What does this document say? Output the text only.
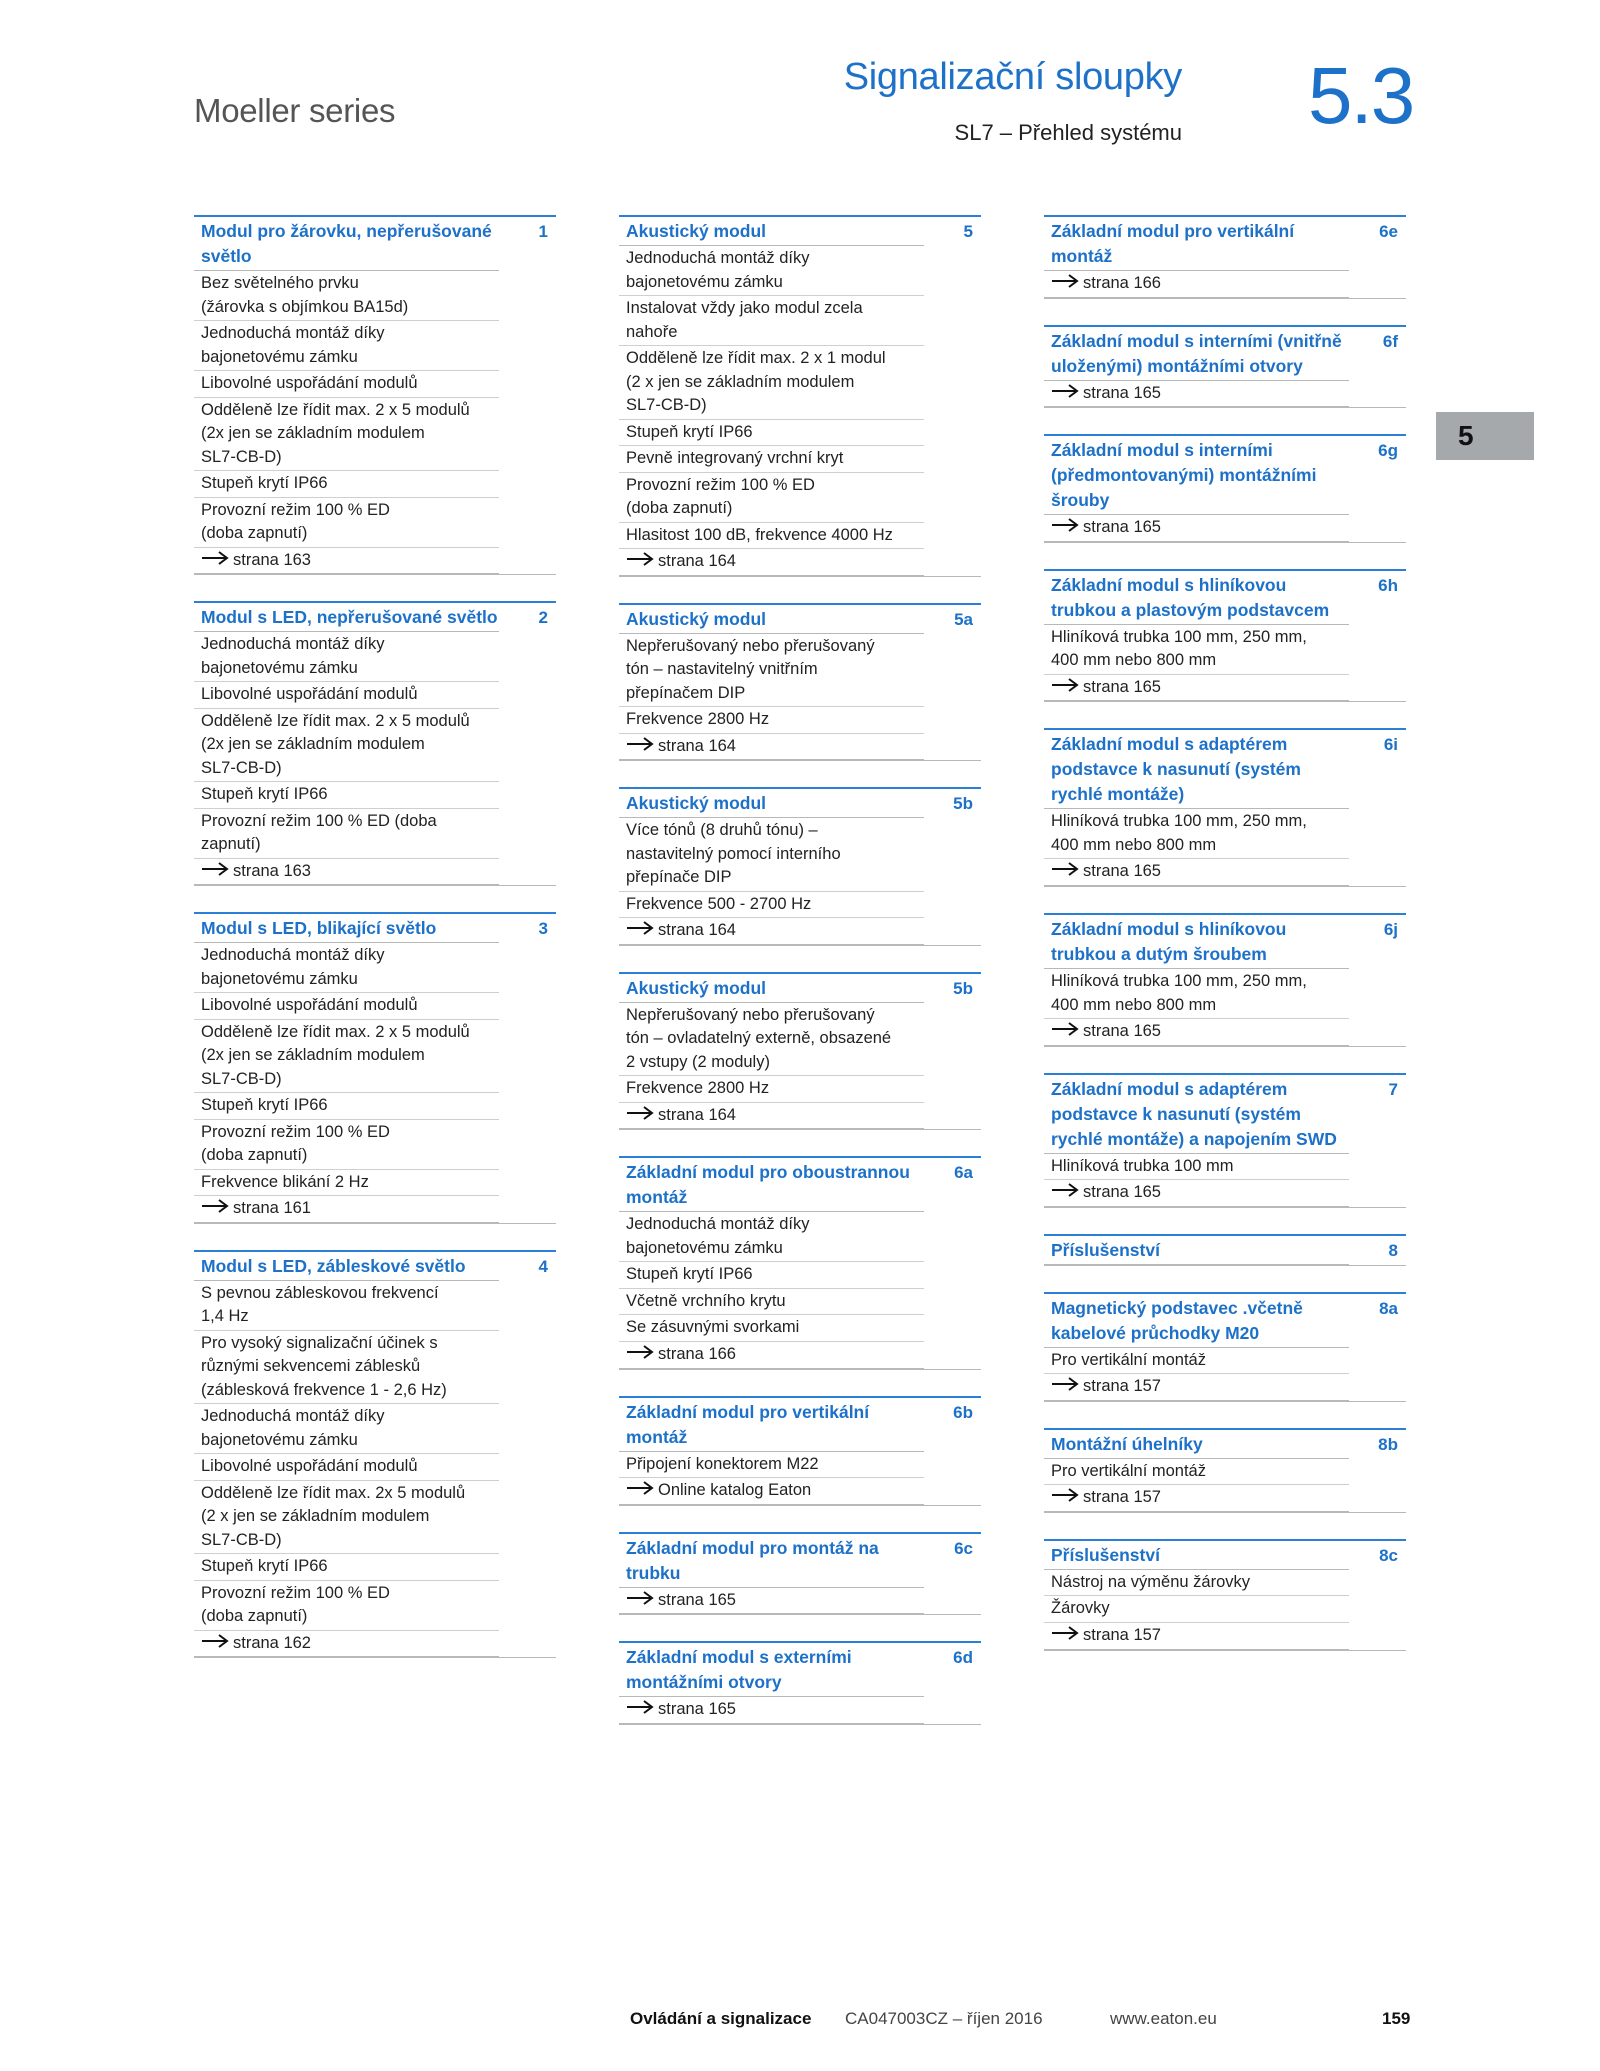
Moeller series
Signalizační sloupky
SL7 – Přehled systému 5.3
5
1
Modul pro žárovku, nepřerušované světlo
Bez světelného prvku
(žárovka s objímkou BA15d)
Jednoduchá montáž díky
bajonetovému zámku
Libovolné uspořádání modulů
Odděleně lze řídit max. 2 x 5 modulů
(2x jen se základním modulem
SL7-CB-D)
Stupeň krytí IP66
Provozní režim 100 % ED
(doba zapnutí)
strana 163
2
Modul s LED, nepřerušované světlo
Jednoduchá montáž díky
bajonetovému zámku
Libovolné uspořádání modulů
Odděleně lze řídit max. 2 x 5 modulů
(2x jen se základním modulem
SL7-CB-D)
Stupeň krytí IP66
Provozní režim 100 % ED (doba
zapnutí)
strana 163
3
Modul s LED, blikající světlo
Jednoduchá montáž díky
bajonetovému zámku
Libovolné uspořádání modulů
Odděleně lze řídit max. 2 x 5 modulů
(2x jen se základním modulem
SL7-CB-D)
Stupeň krytí IP66
Provozní režim 100 % ED
(doba zapnutí)
Frekvence blikání 2 Hz
strana 161
4
Modul s LED, zábleskové světlo
S pevnou zábleskovou frekvencí
1,4 Hz
Pro vysoký signalizační účinek s
různými sekvencemi záblesků
(záblesková frekvence 1 - 2,6 Hz)
Jednoduchá montáž díky
bajonetovému zámku
Libovolné uspořádání modulů
Odděleně lze řídit max. 2x 5 modulů
(2 x jen se základním modulem
SL7-CB-D)
Stupeň krytí IP66
Provozní režim 100 % ED
(doba zapnutí)
strana 162
5
Akustický modul
Jednoduchá montáž díky
bajonetovému zámku
Instalovat vždy jako modul zcela
nahoře
Odděleně lze řídit max. 2 x 1 modul
(2 x jen se základním modulem
SL7-CB-D)
Stupeň krytí IP66
Pevně integrovaný vrchní kryt
Provozní režim 100 % ED
(doba zapnutí)
Hlasitost 100 dB, frekvence 4000 Hz
strana 164
5a
Akustický modul
Nepřerušovaný nebo přerušovaný
tón – nastavitelný vnitřním
přepínačem DIP
Frekvence 2800 Hz
strana 164
5b
Akustický modul
Více tónů (8 druhů tónu) –
nastavitelný pomocí interního
přepínače DIP
Frekvence 500 - 2700 Hz
strana 164
5b
Akustický modul
Nepřerušovaný nebo přerušovaný
tón – ovladatelný externě, obsazené
2 vstupy (2 moduly)
Frekvence 2800 Hz
strana 164
6a
Základní modul pro oboustrannou montáž
Jednoduchá montáž díky
bajonetovému zámku
Stupeň krytí IP66
Včetně vrchního krytu
Se zásuvnými svorkami
strana 166
6b
Základní modul pro vertikální montáž
Připojení konektorem M22
Online katalog Eaton
6c
Základní modul pro montáž na trubku
strana 165
6d
Základní modul s externími montážními otvory
strana 165
6e
Základní modul pro vertikální montáž
strana 166
6f
Základní modul s interními (vnitřně uloženými) montážními otvory
strana 165
6g
Základní modul s interními (předmontovanými) montážními šrouby
strana 165
6h
Základní modul s hliníkovou trubkou a plastovým podstavcem
Hliníková trubka 100 mm, 250 mm,
400 mm nebo 800 mm
strana 165
6i
Základní modul s adaptérem podstavce k nasunutí (systém rychlé montáže)
Hliníková trubka 100 mm, 250 mm,
400 mm nebo 800 mm
strana 165
6j
Základní modul s hliníkovou trubkou a dutým šroubem
Hliníková trubka 100 mm, 250 mm,
400 mm nebo 800 mm
strana 165
7
Základní modul s adaptérem podstavce k nasunutí (systém rychlé montáže) a napojením SWD
Hliníková trubka 100 mm
strana 165
8
Příslušenství
8a
Magnetický podstavec .včetně kabelové průchodky M20
Pro vertikální montáž
strana 157
8b
Montážní úhelníky
Pro vertikální montáž
strana 157
8c
Příslušenství
Nástroj na výměnu žárovky
Žárovky
strana 157
Ovládání a signalizace CA047003CZ – říjen 2016	www.eaton.eu	159
